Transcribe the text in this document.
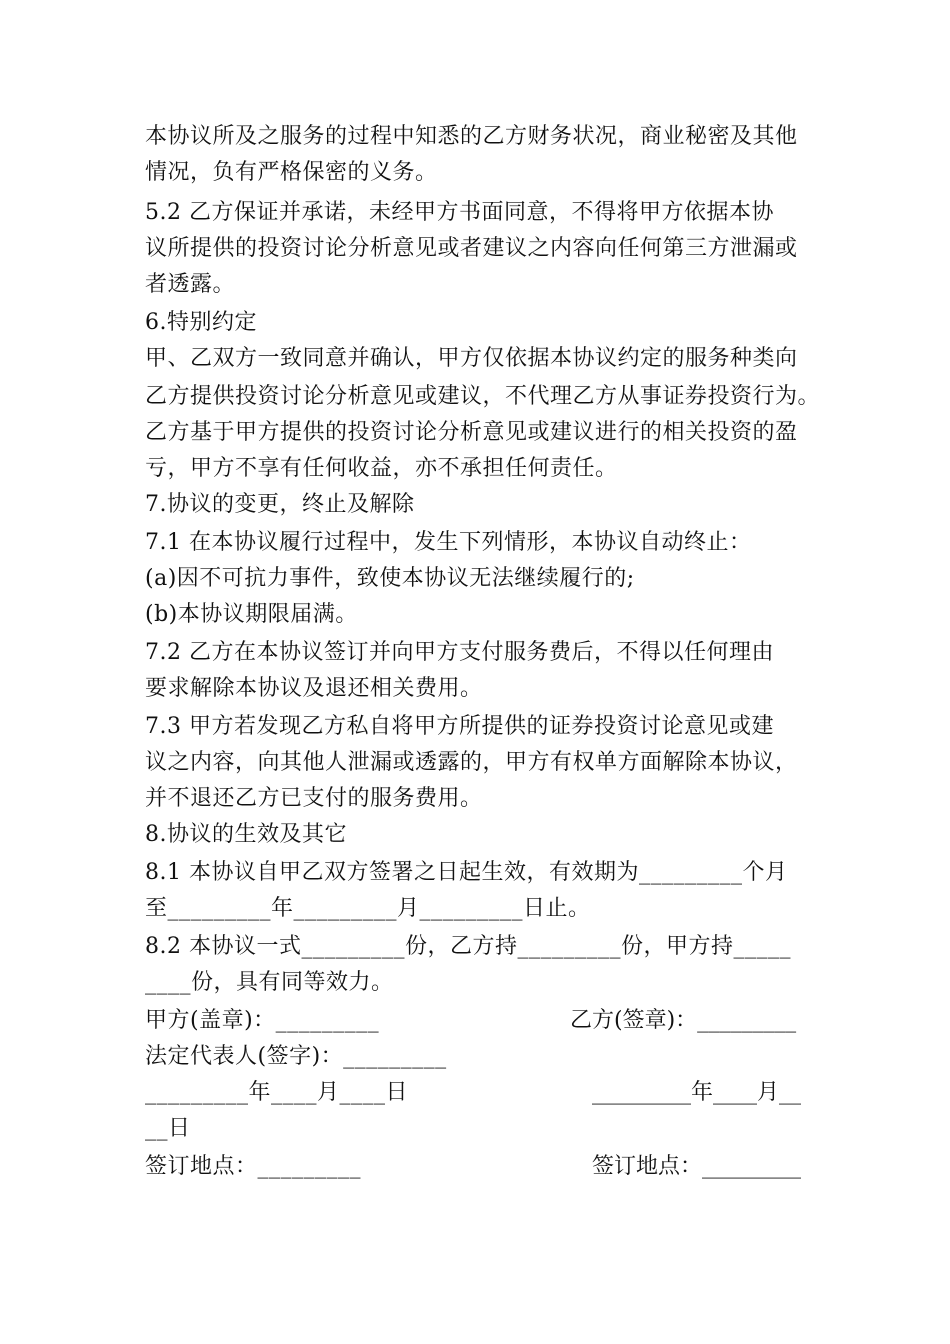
本协议所及之服务的过程中知悉的乙方财务状况，商业秘密及其他
情况，负有严格保密的义务。
5.2 乙方保证并承诺，未经甲方书面同意，不得将甲方依据本协
议所提供的投资讨论分析意见或者建议之内容向任何第三方泄漏或
者透露。
6.特别约定
甲、乙双方一致同意并确认，甲方仅依据本协议约定的服务种类向
乙方提供投资讨论分析意见或建议，不代理乙方从事证券投资行为。
乙方基于甲方提供的投资讨论分析意见或建议进行的相关投资的盈
亏，甲方不享有任何收益，亦不承担任何责任。
7.协议的变更，终止及解除
7.1 在本协议履行过程中，发生下列情形，本协议自动终止：
(a)因不可抗力事件，致使本协议无法继续履行的;
(b)本协议期限届满。
7.2 乙方在本协议签订并向甲方支付服务费后，不得以任何理由
要求解除本协议及退还相关费用。
7.3 甲方若发现乙方私自将甲方所提供的证券投资讨论意见或建
议之内容，向其他人泄漏或透露的，甲方有权单方面解除本协议，
并不退还乙方已支付的服务费用。
8.协议的生效及其它
8.1 本协议自甲乙双方签署之日起生效，有效期为_________个月
至_________年_________月_________日止。
8.2 本协议一式_________份，乙方持_________份，甲方持_____
____份，具有同等效力。
甲方(盖章)：_________	乙方(签章)：_________
法定代表人(签字)：_________
_________年____月____日	_________年____月__
__日
签订地点：_________	签订地点：_________
